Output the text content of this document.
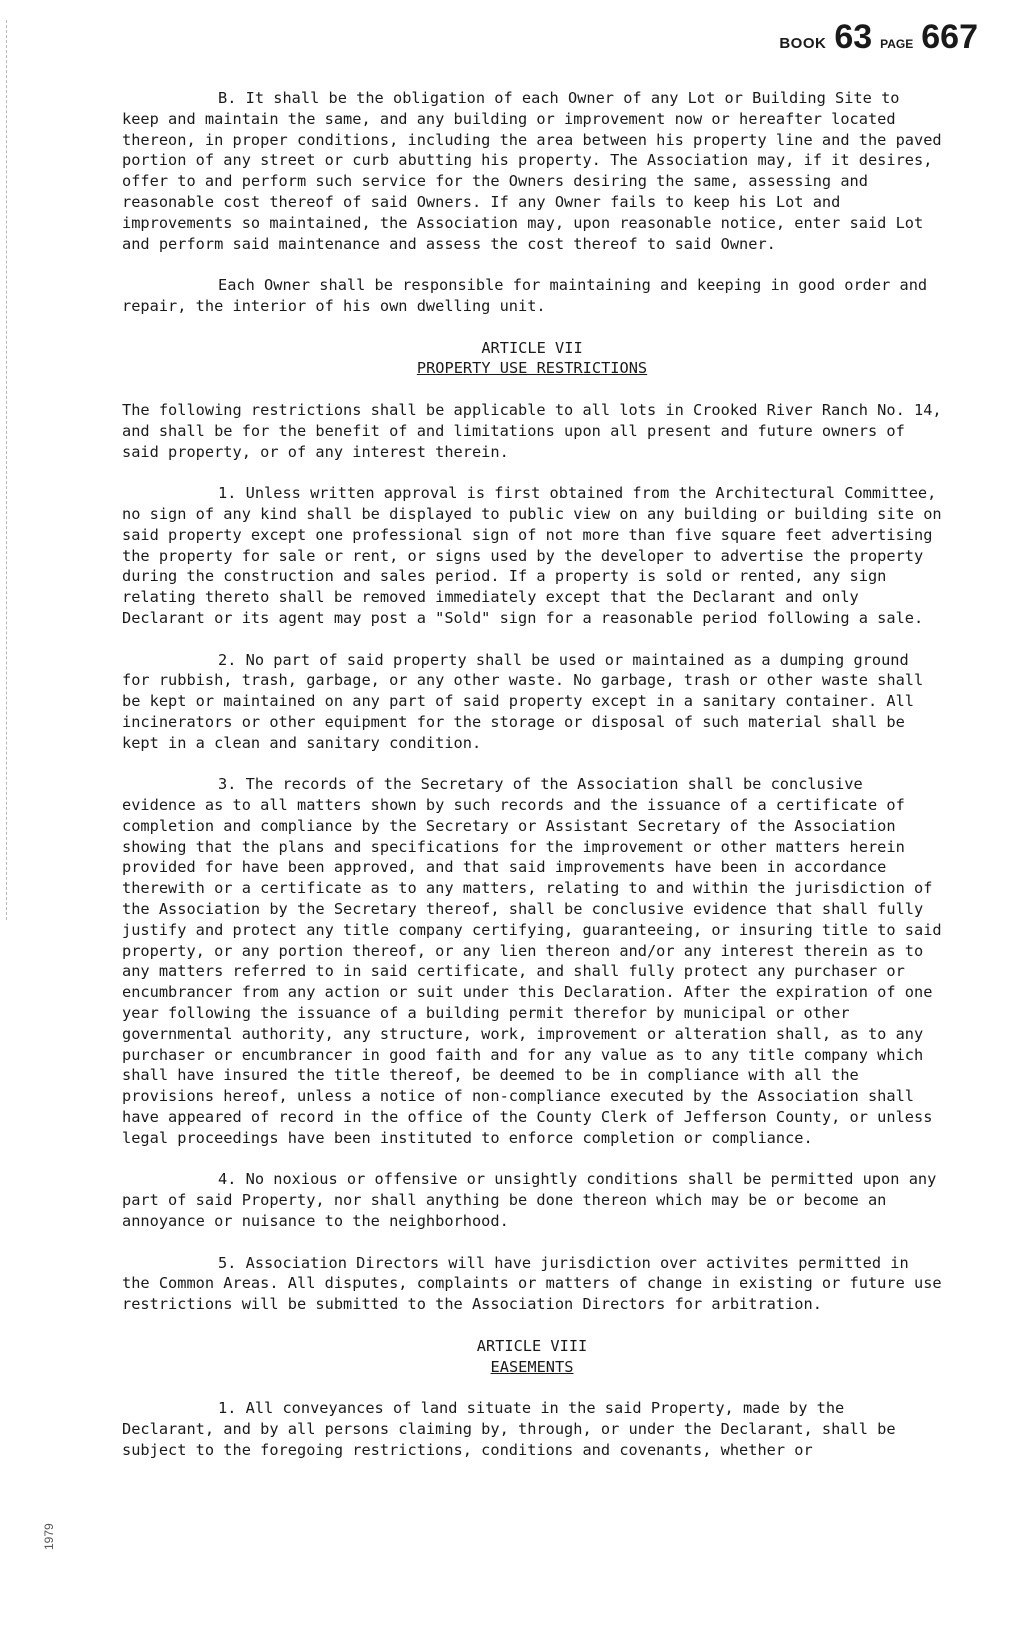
BOOK 63 PAGE 667

B. It shall be the obligation of each Owner of any Lot or Building Site to keep and maintain the same, and any building or improvement now or hereafter located thereon, in proper conditions, including the area between his property line and the paved portion of any street or curb abutting his property. The Association may, if it desires, offer to and perform such service for the Owners desiring the same, assessing and reasonable cost thereof of said Owners. If any Owner fails to keep his Lot and improvements so maintained, the Association may, upon reasonable notice, enter said Lot and perform said maintenance and assess the cost thereof to said Owner.

Each Owner shall be responsible for maintaining and keeping in good order and repair, the interior of his own dwelling unit.

ARTICLE VII

PROPERTY USE RESTRICTIONS

The following restrictions shall be applicable to all lots in Crooked River Ranch No. 14, and shall be for the benefit of and limitations upon all present and future owners of said property, or of any interest therein.

1. Unless written approval is first obtained from the Architectural Committee, no sign of any kind shall be displayed to public view on any building or building site on said property except one professional sign of not more than five square feet advertising the property for sale or rent, or signs used by the developer to advertise the property during the construction and sales period. If a property is sold or rented, any sign relating thereto shall be removed immediately except that the Declarant and only Declarant or its agent may post a "Sold" sign for a reasonable period following a sale.

2. No part of said property shall be used or maintained as a dumping ground for rubbish, trash, garbage, or any other waste. No garbage, trash or other waste shall be kept or maintained on any part of said property except in a sanitary container. All incinerators or other equipment for the storage or disposal of such material shall be kept in a clean and sanitary condition.

3. The records of the Secretary of the Association shall be conclusive evidence as to all matters shown by such records and the issuance of a certificate of completion and compliance by the Secretary or Assistant Secretary of the Association showing that the plans and specifications for the improvement or other matters herein provided for have been approved, and that said improvements have been in accordance therewith or a certificate as to any matters, relating to and within the jurisdiction of the Association by the Secretary thereof, shall be conclusive evidence that shall fully justify and protect any title company certifying, guaranteeing, or insuring title to said property, or any portion thereof, or any lien thereon and/or any interest therein as to any matters referred to in said certificate, and shall fully protect any purchaser or encumbrancer from any action or suit under this Declaration. After the expiration of one year following the issuance of a building permit therefor by municipal or other governmental authority, any structure, work, improvement or alteration shall, as to any purchaser or encumbrancer in good faith and for any value as to any title company which shall have insured the title thereof, be deemed to be in compliance with all the provisions hereof, unless a notice of non-compliance executed by the Association shall have appeared of record in the office of the County Clerk of Jefferson County, or unless legal proceedings have been instituted to enforce completion or compliance.

4. No noxious or offensive or unsightly conditions shall be permitted upon any part of said Property, nor shall anything be done thereon which may be or become an annoyance or nuisance to the neighborhood.

5. Association Directors will have jurisdiction over activites permitted in the Common Areas. All disputes, complaints or matters of change in existing or future use restrictions will be submitted to the Association Directors for arbitration.

ARTICLE VIII

EASEMENTS

1. All conveyances of land situate in the said Property, made by the Declarant, and by all persons claiming by, through, or under the Declarant, shall be subject to the foregoing restrictions, conditions and covenants, whether or

1979
